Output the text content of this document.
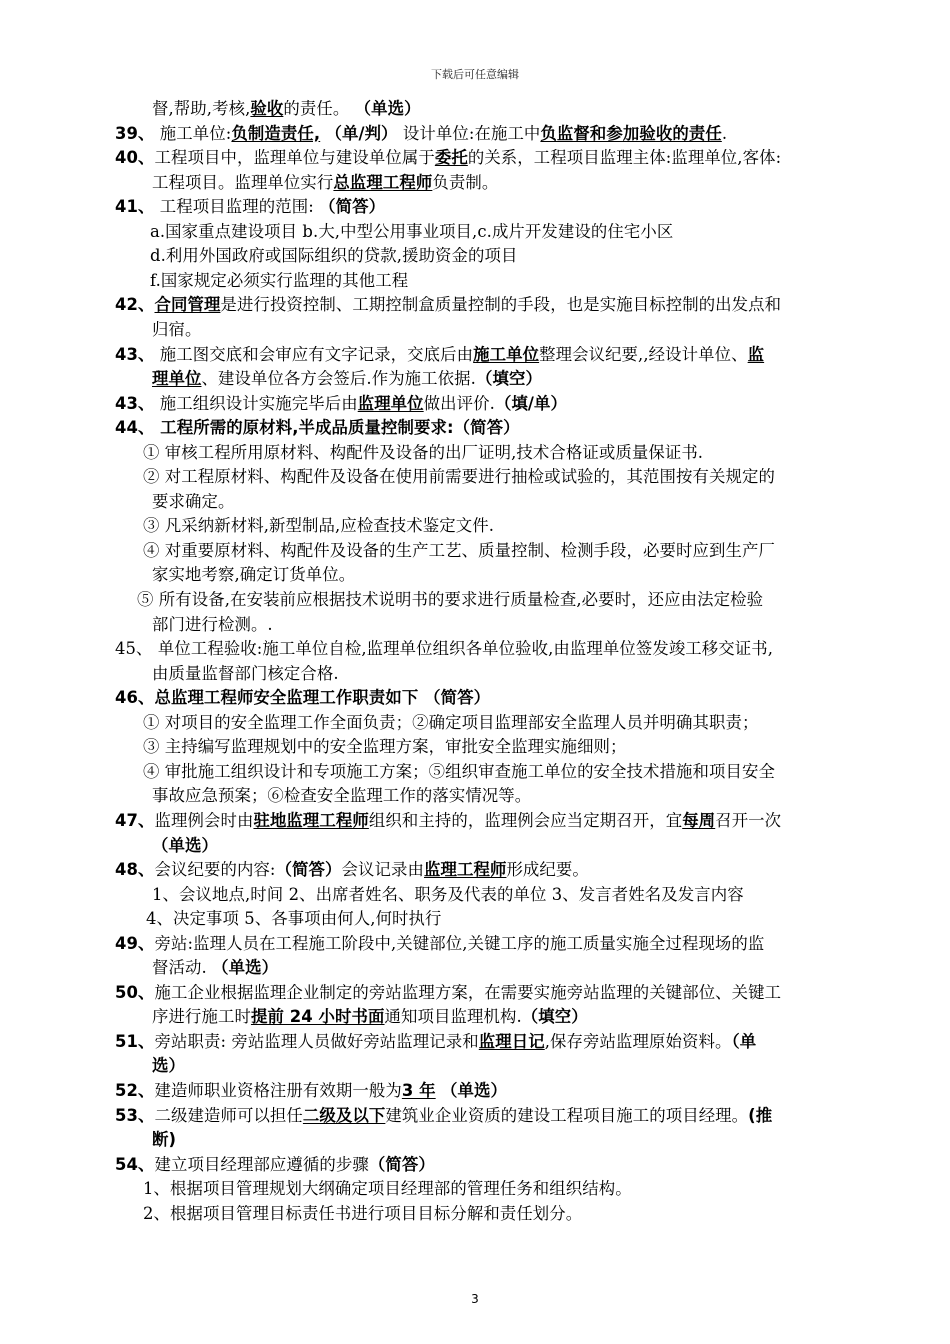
下载后可任意编辑
督,帮助,考核,验收的责任。 （单选）
39、 施工单位:负制造责任, （单/判） 设计单位:在施工中负监督和参加验收的责任.
40、工程项目中，监理单位与建设单位属于委托的关系，工程项目监理主体:监理单位,客体:
工程项目。监理单位实行总监理工程师负责制。
41、 工程项目监理的范围: （简答）
a.国家重点建设项目 b.大,中型公用事业项目,c.成片开发建设的住宅小区
d.利用外国政府或国际组织的贷款,援助资金的项目
f.国家规定必须实行监理的其他工程
42、合同管理是进行投资控制、工期控制盒质量控制的手段，也是实施目标控制的出发点和
归宿。
43、 施工图交底和会审应有文字记录，交底后由施工单位整理会议纪要,,经设计单位、监
理单位、建设单位各方会签后.作为施工依据.（填空）
43、 施工组织设计实施完毕后由监理单位做出评价.（填/单）
44、 工程所需的原材料,半成品质量控制要求:（简答）
① 审核工程所用原材料、构配件及设备的出厂证明,技术合格证或质量保证书.
② 对工程原材料、构配件及设备在使用前需要进行抽检或试验的，其范围按有关规定的
要求确定。
③ 凡采纳新材料,新型制品,应检查技术鉴定文件.
④ 对重要原材料、构配件及设备的生产工艺、质量控制、检测手段，必要时应到生产厂
家实地考察,确定订货单位。
⑤ 所有设备,在安装前应根据技术说明书的要求进行质量检查,必要时，还应由法定检验
部门进行检测。.
45、 单位工程验收:施工单位自检,监理单位组织各单位验收,由监理单位签发竣工移交证书,
由质量监督部门核定合格.
46、总监理工程师安全监理工作职责如下 （简答）
① 对项目的安全监理工作全面负责；②确定项目监理部安全监理人员并明确其职责；
③ 主持编写监理规划中的安全监理方案，审批安全监理实施细则；
④ 审批施工组织设计和专项施工方案；⑤组织审查施工单位的安全技术措施和项目安全
事故应急预案；⑥检查安全监理工作的落实情况等。
47、监理例会时由驻地监理工程师组织和主持的，监理例会应当定期召开，宜每周召开一次
（单选）
48、会议纪要的内容:（简答）会议记录由监理工程师形成纪要。
1、会议地点,时间 2、出席者姓名、职务及代表的单位 3、发言者姓名及发言内容
4、决定事项 5、各事项由何人,何时执行
49、旁站:监理人员在工程施工阶段中,关键部位,关键工序的施工质量实施全过程现场的监
督活动. （单选）
50、施工企业根据监理企业制定的旁站监理方案，在需要实施旁站监理的关键部位、关键工
序进行施工时提前 24 小时书面通知项目监理机构.（填空）
51、旁站职责: 旁站监理人员做好旁站监理记录和监理日记,保存旁站监理原始资料。（单
选）
52、建造师职业资格注册有效期一般为3 年 （单选）
53、二级建造师可以担任二级及以下建筑业企业资质的建设工程项目施工的项目经理。(推
断)
54、建立项目经理部应遵循的步骤（简答）
1、根据项目管理规划大纲确定项目经理部的管理任务和组织结构。
2、根据项目管理目标责任书进行项目目标分解和责任划分。
3
